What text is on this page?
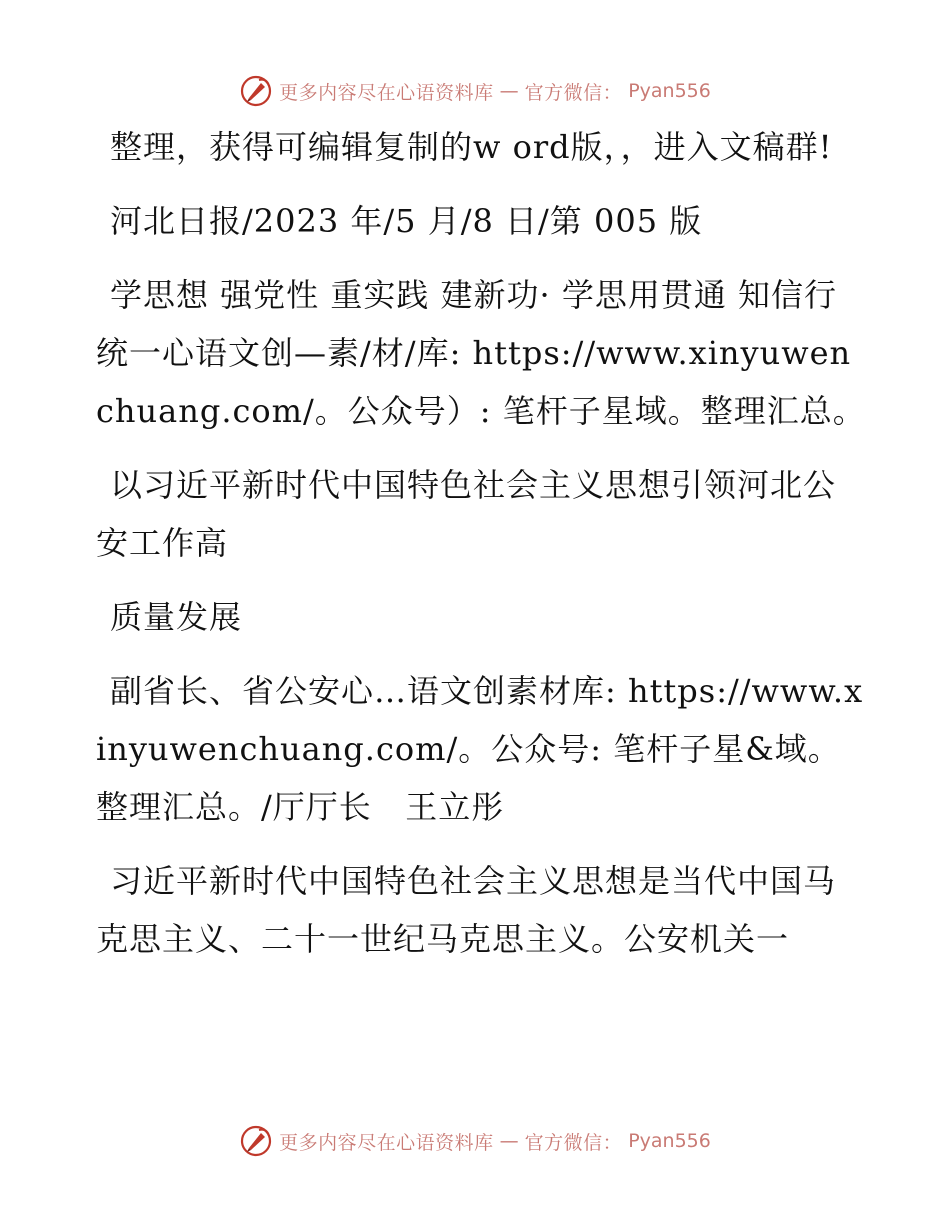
更多内容尽在心语资料库 — 官方微信： Pyan556

整理，获得可编辑复制的w ord版，，进入文稿群!

河北日报/2023 年/5 月/8 日/第 005 版

学思想 强党性 重实践 建新功· 学思用贯通 知信行统一心语文创—素/材/库: https://www.xinyuwenchuang.com/。公众号）: 笔杆子星域。整理汇总。

以习近平新时代中国特色社会主义思想引领河北公安工作高

质量发展

副省长、省公安心…语文创素材库: https://www.xinyuwenchuang.com/。公众号: 笔杆子星&域。整理汇总。/厅厅长   王立彤

习近平新时代中国特色社会主义思想是当代中国马克思主义、二十一世纪马克思主义。公安机关一

更多内容尽在心语资料库 — 官方微信： Pyan556
